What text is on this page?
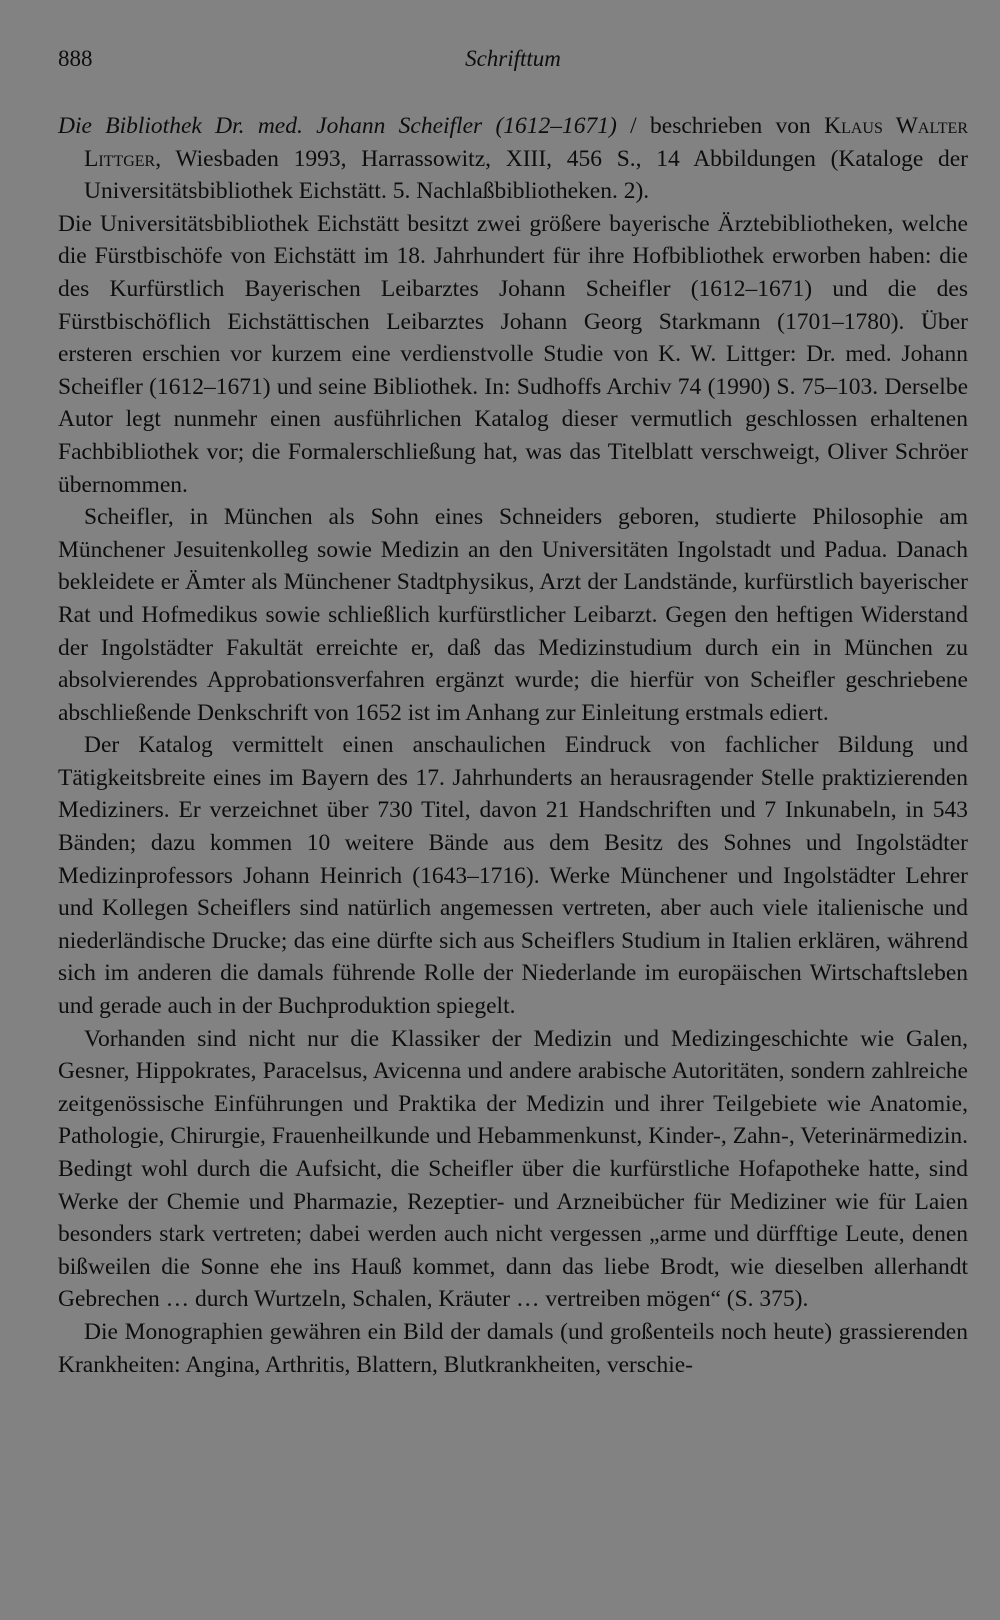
888	Schrifttum

Die Bibliothek Dr. med. Johann Scheifler (1612–1671) / beschrieben von Klaus Walter Littger, Wiesbaden 1993, Harrassowitz, XIII, 456 S., 14 Abbildungen (Kataloge der Universitätsbibliothek Eichstätt. 5. Nachlaßbibliotheken. 2).

Die Universitätsbibliothek Eichstätt besitzt zwei größere bayerische Ärztebibliotheken, welche die Fürstbischöfe von Eichstätt im 18. Jahrhundert für ihre Hofbibliothek erworben haben: die des Kurfürstlich Bayerischen Leibarztes Johann Scheifler (1612–1671) und die des Fürstbischöflich Eichstättischen Leibarztes Johann Georg Starkmann (1701–1780). Über ersteren erschien vor kurzem eine verdienstvolle Studie von K. W. Littger: Dr. med. Johann Scheifler (1612–1671) und seine Bibliothek. In: Sudhoffs Archiv 74 (1990) S. 75–103. Derselbe Autor legt nunmehr einen ausführlichen Katalog dieser vermutlich geschlossen erhaltenen Fachbibliothek vor; die Formalerschließung hat, was das Titelblatt verschweigt, Oliver Schröer übernommen.

Scheifler, in München als Sohn eines Schneiders geboren, studierte Philosophie am Münchener Jesuitenkolleg sowie Medizin an den Universitäten Ingolstadt und Padua. Danach bekleidete er Ämter als Münchener Stadtphysikus, Arzt der Landstände, kurfürstlich bayerischer Rat und Hofmedikus sowie schließlich kurfürstlicher Leibarzt. Gegen den heftigen Widerstand der Ingolstädter Fakultät erreichte er, daß das Medizinstudium durch ein in München zu absolvierendes Approbationsverfahren ergänzt wurde; die hierfür von Scheifler geschriebene abschließende Denkschrift von 1652 ist im Anhang zur Einleitung erstmals ediert.

Der Katalog vermittelt einen anschaulichen Eindruck von fachlicher Bildung und Tätigkeitsbreite eines im Bayern des 17. Jahrhunderts an herausragender Stelle praktizierenden Mediziners. Er verzeichnet über 730 Titel, davon 21 Handschriften und 7 Inkunabeln, in 543 Bänden; dazu kommen 10 weitere Bände aus dem Besitz des Sohnes und Ingolstädter Medizinprofessors Johann Heinrich (1643–1716). Werke Münchener und Ingolstädter Lehrer und Kollegen Scheiflers sind natürlich angemessen vertreten, aber auch viele italienische und niederländische Drucke; das eine dürfte sich aus Scheiflers Studium in Italien erklären, während sich im anderen die damals führende Rolle der Niederlande im europäischen Wirtschaftsleben und gerade auch in der Buchproduktion spiegelt.

Vorhanden sind nicht nur die Klassiker der Medizin und Medizingeschichte wie Galen, Gesner, Hippokrates, Paracelsus, Avicenna und andere arabische Autoritäten, sondern zahlreiche zeitgenössische Einführungen und Praktika der Medizin und ihrer Teilgebiete wie Anatomie, Pathologie, Chirurgie, Frauenheilkunde und Hebammenkunst, Kinder-, Zahn-, Veterinärmedizin. Bedingt wohl durch die Aufsicht, die Scheifler über die kurfürstliche Hofapotheke hatte, sind Werke der Chemie und Pharmazie, Rezeptier- und Arzneibücher für Mediziner wie für Laien besonders stark vertreten; dabei werden auch nicht vergessen „arme und dürfftige Leute, denen bißweilen die Sonne ehe ins Hauß kommet, dann das liebe Brodt, wie dieselben allerhandt Gebrechen … durch Wurtzeln, Schalen, Kräuter … vertreiben mögen“ (S. 375).

Die Monographien gewähren ein Bild der damals (und großenteils noch heute) grassierenden Krankheiten: Angina, Arthritis, Blattern, Blutkrankheiten, verschie-
